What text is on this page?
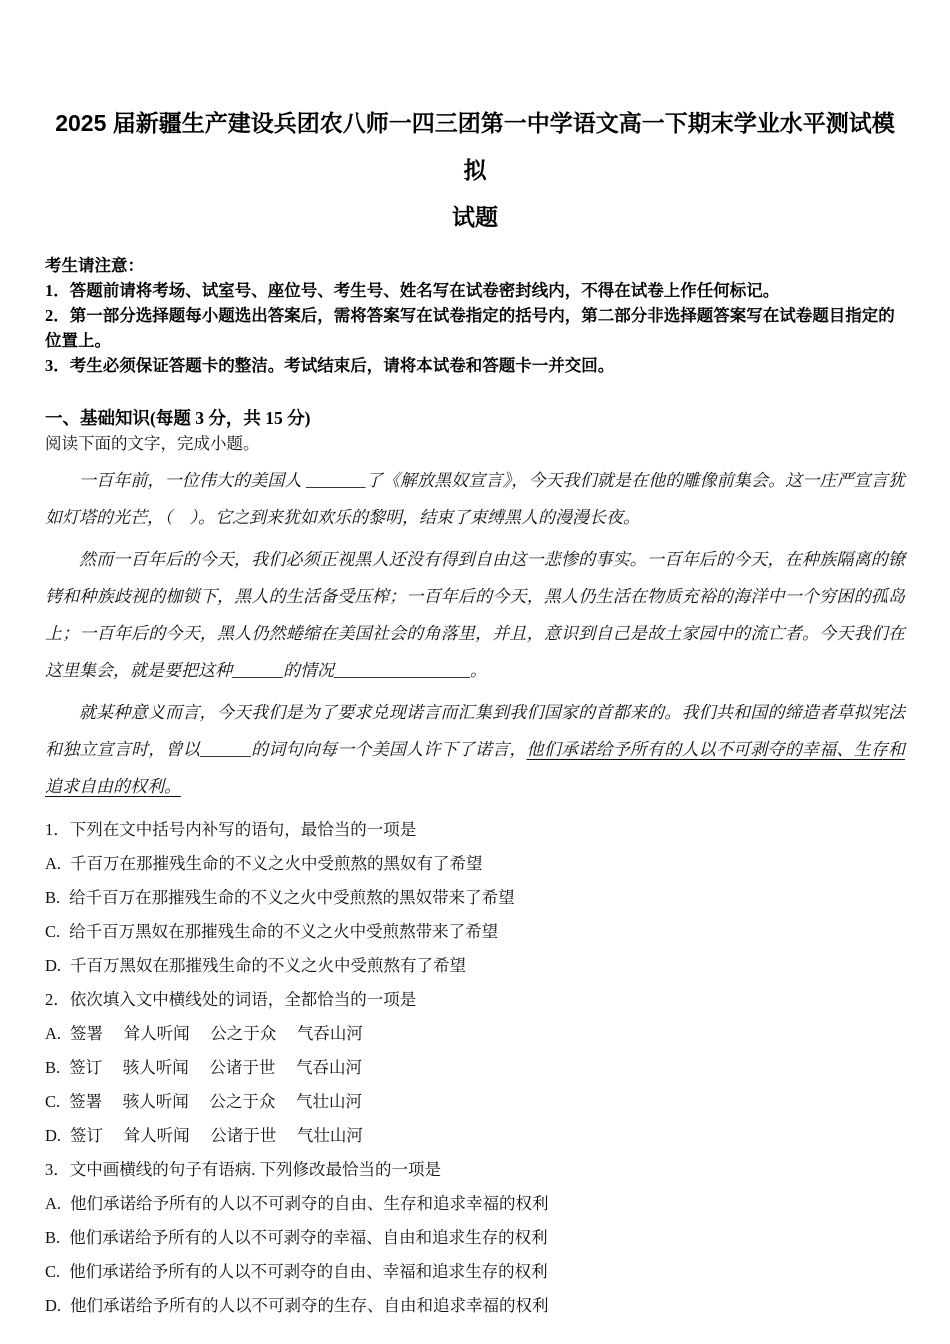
2025 届新疆生产建设兵团农八师一四三团第一中学语文高一下期末学业水平测试模拟
试题

考生请注意：

1．答题前请将考场、试室号、座位号、考生号、姓名写在试卷密封线内，不得在试卷上作任何标记。

2．第一部分选择题每小题选出答案后，需将答案写在试卷指定的括号内，第二部分非选择题答案写在试卷题目指定的位置上。

3．考生必须保证答题卡的整洁。考试结束后，请将本试卷和答题卡一并交回。

一、基础知识(每题 3 分，共 15 分)

阅读下面的文字，完成小题。

一百年前，一位伟大的美国人 _______了《解放黑奴宣言》，今天我们就是在他的雕像前集会。这一庄严宣言犹如灯塔的光芒，（　）。它之到来犹如欢乐的黎明，结束了束缚黑人的漫漫长夜。

然而一百年后的今天，我们必须正视黑人还没有得到自由这一悲惨的事实。一百年后的今天，在种族隔离的镣铐和种族歧视的枷锁下，黑人的生活备受压榨；一百年后的今天，黑人仍生活在物质充裕的海洋中一个穷困的孤岛上；一百年后的今天，黑人仍然蜷缩在美国社会的角落里，并且，意识到自己是故土家园中的流亡者。今天我们在这里集会，就是要把这种______的情况________________。

就某种意义而言，今天我们是为了要求兑现诺言而汇集到我们国家的首都来的。我们共和国的缔造者草拟宪法和独立宣言时，曾以______的词句向每一个美国人许下了诺言，他们承诺给予所有的人以不可剥夺的幸福、生存和追求自由的权利。

1．下列在文中括号内补写的语句，最恰当的一项是
A. 千百万在那摧残生命的不义之火中受煎熬的黑奴有了希望
B. 给千百万在那摧残生命的不义之火中受煎熬的黑奴带来了希望
C. 给千百万黑奴在那摧残生命的不义之火中受煎熬带来了希望
D. 千百万黑奴在那摧残生命的不义之火中受煎熬有了希望
2．依次填入文中横线处的词语，全都恰当的一项是
A. 签署　 耸人听闻　 公之于众　 气吞山河
B. 签订　 骇人听闻　 公诸于世　 气吞山河
C. 签署　 骇人听闻　 公之于众　 气壮山河
D. 签订　 耸人听闻　 公诸于世　 气壮山河
3．文中画横线的句子有语病. 下列修改最恰当的一项是
A. 他们承诺给予所有的人以不可剥夺的自由、生存和追求幸福的权利
B. 他们承诺给予所有的人以不可剥夺的幸福、自由和追求生存的权利
C. 他们承诺给予所有的人以不可剥夺的自由、幸福和追求生存的权利
D. 他们承诺给予所有的人以不可剥夺的生存、自由和追求幸福的权利
